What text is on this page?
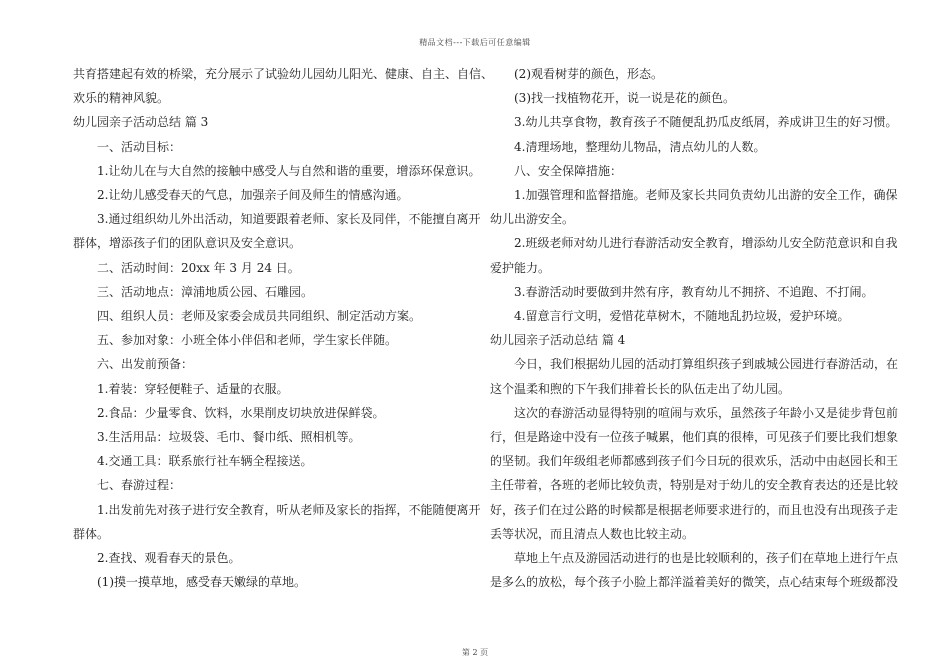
精品文档---下载后可任意编辑
共育搭建起有效的桥梁，充分展示了试验幼儿园幼儿阳光、健康、自主、自信、
欢乐的精神风貌。
幼儿园亲子活动总结 篇 3
一、活动目标：
1.让幼儿在与大自然的接触中感受人与自然和谐的重要，增添环保意识。
2.让幼儿感受春天的气息，加强亲子间及师生的情感沟通。
3.通过组织幼儿外出活动，知道要跟着老师、家长及同伴，不能擅自离开
群体，增添孩子们的团队意识及安全意识。
二、活动时间：20xx 年 3 月 24 日。
三、活动地点：漳浦地质公园、石雕园。
四、组织人员：老师及家委会成员共同组织、制定活动方案。
五、参加对象：小班全体小伴侣和老师，学生家长伴随。
六、出发前预备：
1.着装：穿轻便鞋子、适量的衣服。
2.食品：少量零食、饮料，水果削皮切块放进保鲜袋。
3.生活用品：垃圾袋、毛巾、餐巾纸、照相机等。
4.交通工具：联系旅行社车辆全程接送。
七、春游过程：
1.出发前先对孩子进行安全教育，听从老师及家长的指挥，不能随便离开
群体。
2.查找、观看春天的景色。
(1)摸一摸草地，感受春天嫩绿的草地。
(2)观看树芽的颜色，形态。
(3)找一找植物花开，说一说是花的颜色。
3.幼儿共享食物，教育孩子不随便乱扔瓜皮纸屑，养成讲卫生的好习惯。
4.清理场地，整理幼儿物品，清点幼儿的人数。
八、安全保障措施：
1.加强管理和监督措施。老师及家长共同负责幼儿出游的安全工作，确保
幼儿出游安全。
2.班级老师对幼儿进行春游活动安全教育，增添幼儿安全防范意识和自我
爱护能力。
3.春游活动时要做到井然有序，教育幼儿不拥挤、不追跑、不打闹。
4.留意言行文明，爱惜花草树木，不随地乱扔垃圾，爱护环境。
幼儿园亲子活动总结 篇 4
今日，我们根据幼儿园的活动打算组织孩子到戚城公园进行春游活动，在
这个温柔和煦的下午我们排着长长的队伍走出了幼儿园。
这次的春游活动显得特别的喧闹与欢乐，虽然孩子年龄小又是徒步背包前
行，但是路途中没有一位孩子喊累，他们真的很棒，可见孩子们要比我们想象
的坚韧。我们年级组老师都感到孩子们今日玩的很欢乐，活动中由赵园长和王
主任带着，各班的老师比较负责，特别是对于幼儿的安全教育表达的还是比较
好，孩子们在过公路的时候都是根据老师要求进行的，而且也没有出现孩子走
丢等状况，而且清点人数也比较主动。
草地上午点及游园活动进行的也是比较顺利的，孩子们在草地上进行午点
是多么的放松，每个孩子小脸上都洋溢着美好的微笑，点心结束每个班级都没
第 2 页
